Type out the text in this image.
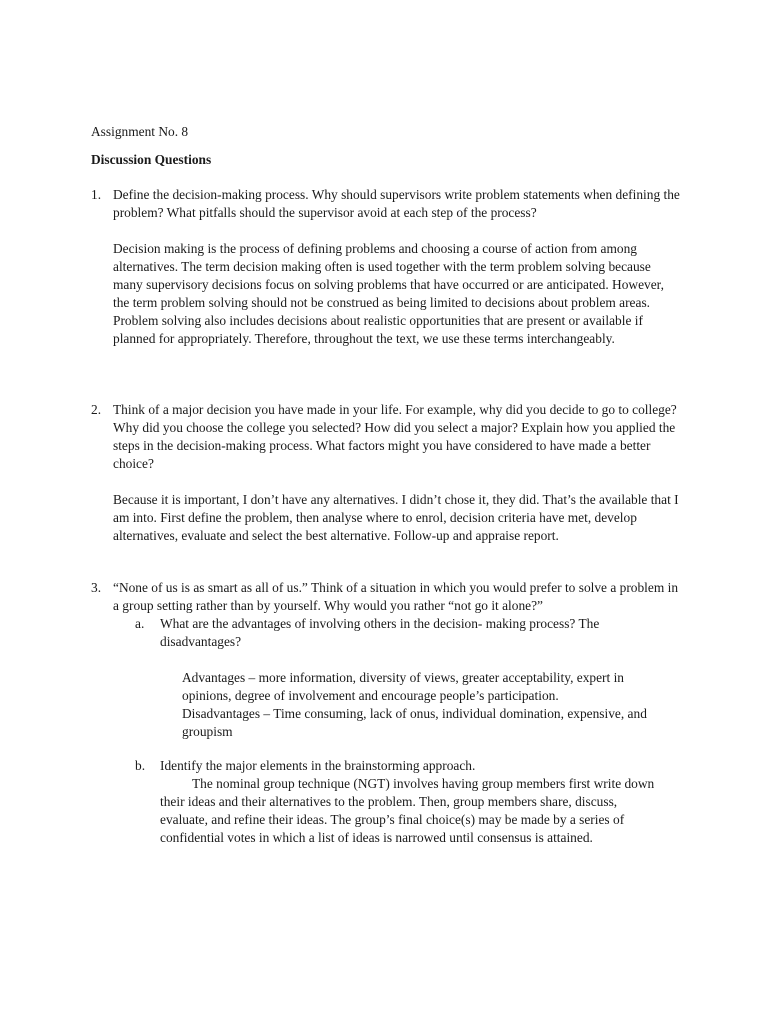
Assignment No. 8

Discussion Questions

1. Define the decision-making process. Why should supervisors write problem statements when defining the problem? What pitfalls should the supervisor avoid at each step of the process?

Decision making is the process of defining problems and choosing a course of action from among alternatives. The term decision making often is used together with the term problem solving because many supervisory decisions focus on solving problems that have occurred or are anticipated. However, the term problem solving should not be construed as being limited to decisions about problem areas. Problem solving also includes decisions about realistic opportunities that are present or available if planned for appropriately. Therefore, throughout the text, we use these terms interchangeably.

2. Think of a major decision you have made in your life. For example, why did you decide to go to college? Why did you choose the college you selected? How did you select a major? Explain how you applied the steps in the decision-making process. What factors might you have considered to have made a better choice?

Because it is important, I don’t have any alternatives. I didn’t chose it, they did. That’s the available that I am into. First define the problem, then analyse where to enrol, decision criteria have met, develop alternatives, evaluate and select the best alternative. Follow-up and appraise report.

3. “None of us is as smart as all of us.” Think of a situation in which you would prefer to solve a problem in a group setting rather than by yourself. Why would you rather “not go it alone?”

a. What are the advantages of involving others in the decision- making process? The disadvantages?

Advantages – more information, diversity of views, greater acceptability, expert in opinions, degree of involvement and encourage people’s participation.

Disadvantages – Time consuming, lack of onus, individual domination, expensive, and groupism

b. Identify the major elements in the brainstorming approach.

The nominal group technique (NGT) involves having group members first write down their ideas and their alternatives to the problem. Then, group members share, discuss, evaluate, and refine their ideas. The group’s final choice(s) may be made by a series of confidential votes in which a list of ideas is narrowed until consensus is attained.
